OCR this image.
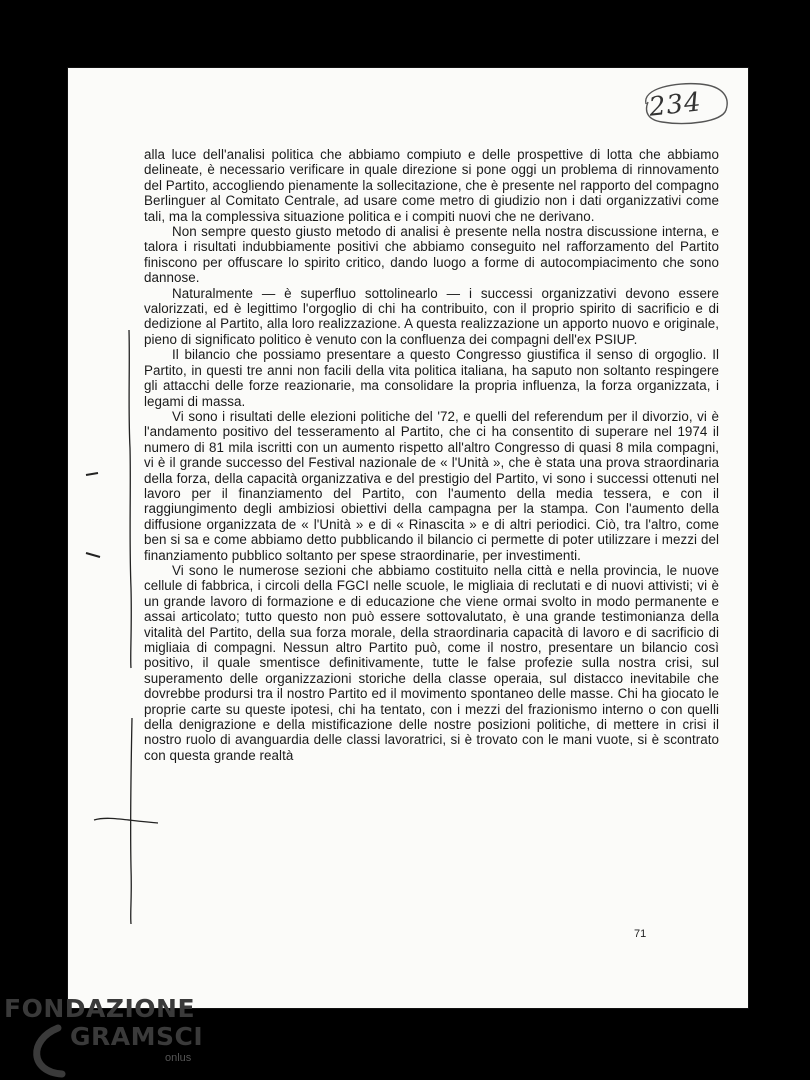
234

alla luce dell'analisi politica che abbiamo compiuto e delle prospettive di lotta che abbiamo delineate, è necessario verificare in quale direzione si pone oggi un problema di rinnovamento del Partito, accogliendo pienamente la sollecitazione, che è presente nel rapporto del compagno Berlinguer al Comitato Centrale, ad usare come metro di giudizio non i dati organizzativi come tali, ma la complessiva situazione politica e i compiti nuovi che ne derivano.

Non sempre questo giusto metodo di analisi è presente nella nostra discussione interna, e talora i risultati indubbiamente positivi che abbiamo conseguito nel rafforzamento del Partito finiscono per offuscare lo spirito critico, dando luogo a forme di autocompiacimento che sono dannose.

Naturalmente — è superfluo sottolinearlo — i successi organizzativi devono essere valorizzati, ed è legittimo l'orgoglio di chi ha contribuito, con il proprio spirito di sacrificio e di dedizione al Partito, alla loro realizzazione. A questa realizzazione un apporto nuovo e originale, pieno di significato politico è venuto con la confluenza dei compagni dell'ex PSIUP.

Il bilancio che possiamo presentare a questo Congresso giustifica il senso di orgoglio. Il Partito, in questi tre anni non facili della vita politica italiana, ha saputo non soltanto respingere gli attacchi delle forze reazionarie, ma consolidare la propria influenza, la forza organizzata, i legami di massa.

Vi sono i risultati delle elezioni politiche del '72, e quelli del referendum per il divorzio, vi è l'andamento positivo del tesseramento al Partito, che ci ha consentito di superare nel 1974 il numero di 81 mila iscritti con un aumento rispetto all'altro Congresso di quasi 8 mila compagni, vi è il grande successo del Festival nazionale de « l'Unità », che è stata una prova straordinaria della forza, della capacità organizzativa e del prestigio del Partito, vi sono i successi ottenuti nel lavoro per il finanziamento del Partito, con l'aumento della media tessera, e con il raggiungimento degli ambiziosi obiettivi della campagna per la stampa. Con l'aumento della diffusione organizzata de « l'Unità » e di « Rinascita » e di altri periodici. Ciò, tra l'altro, come ben si sa e come abbiamo detto pubblicando il bilancio ci permette di poter utilizzare i mezzi del finanziamento pubblico soltanto per spese straordinarie, per investimenti.

Vi sono le numerose sezioni che abbiamo costituito nella città e nella provincia, le nuove cellule di fabbrica, i circoli della FGCI nelle scuole, le migliaia di reclutati e di nuovi attivisti; vi è un grande lavoro di formazione e di educazione che viene ormai svolto in modo permanente e assai articolato; tutto questo non può essere sottovalutato, è una grande testimonianza della vitalità del Partito, della sua forza morale, della straordinaria capacità di lavoro e di sacrificio di migliaia di compagni. Nessun altro Partito può, come il nostro, presentare un bilancio così positivo, il quale smentisce definitivamente, tutte le false profezie sulla nostra crisi, sul superamento delle organizzazioni storiche della classe operaia, sul distacco inevitabile che dovrebbe prodursi tra il nostro Partito ed il movimento spontaneo delle masse. Chi ha giocato le proprie carte su queste ipotesi, chi ha tentato, con i mezzi del frazionismo interno o con quelli della denigrazione e della mistificazione delle nostre posizioni politiche, di mettere in crisi il nostro ruolo di avanguardia delle classi lavoratrici, si è trovato con le mani vuote, si è scontrato con questa grande realtà

71
FONDAZIONE
GRAMSCI
onlus
